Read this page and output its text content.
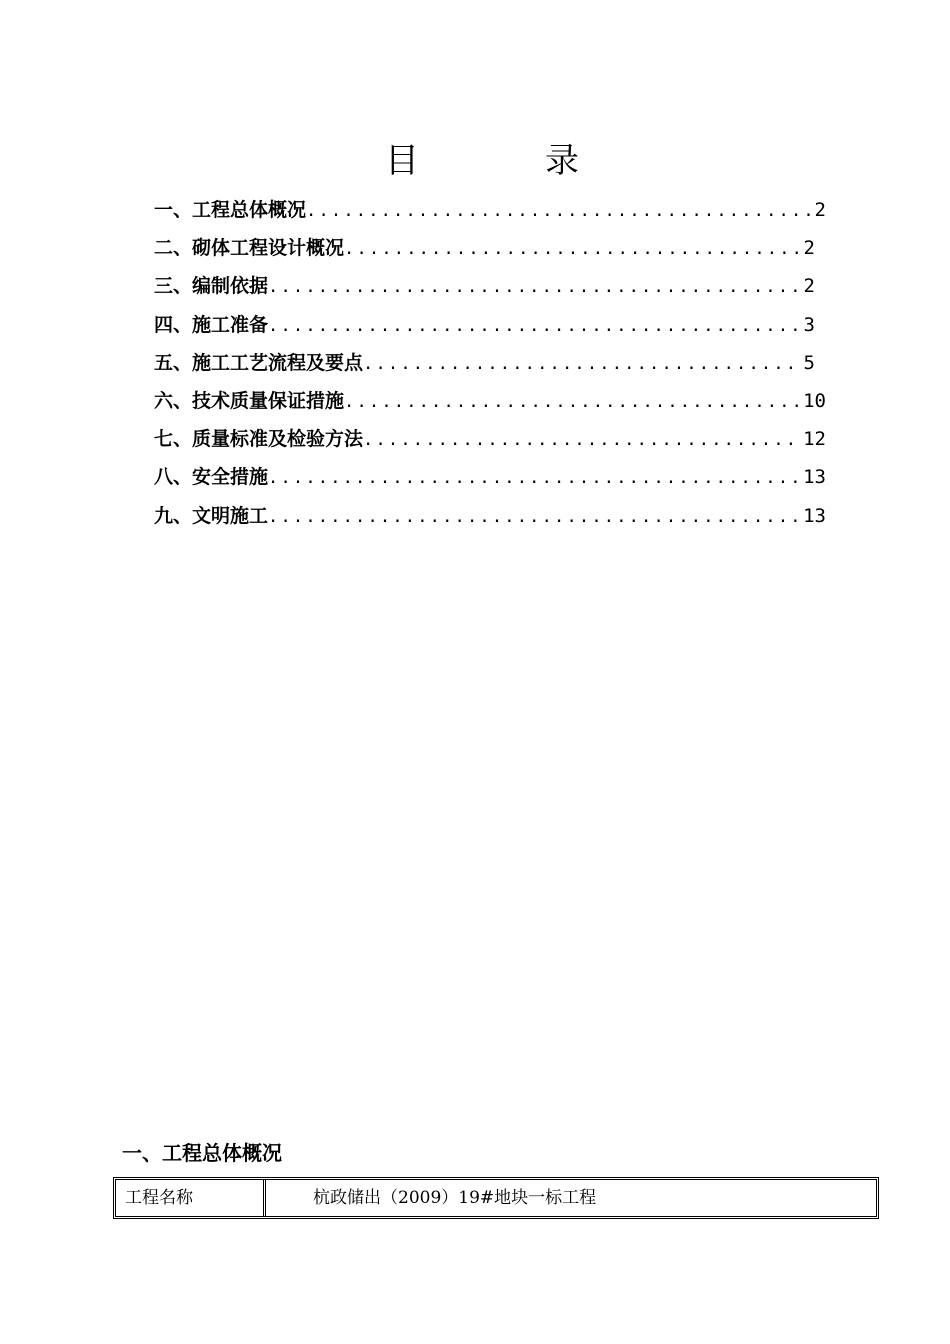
目　录
一、工程总体概况 .....	2
二、砌体工程设计概况 .....	2
三、编制依据 .....	2
四、施工准备 .....	3
五、施工工艺流程及要点 .....	5
六、技术质量保证措施 .....	10
七、质量标准及检验方法 .....	12
八、安全措施 .....	13
九、文明施工 .....	13
一、工程总体概况
工程名称	杭政储出（2009）19#地块一标工程
